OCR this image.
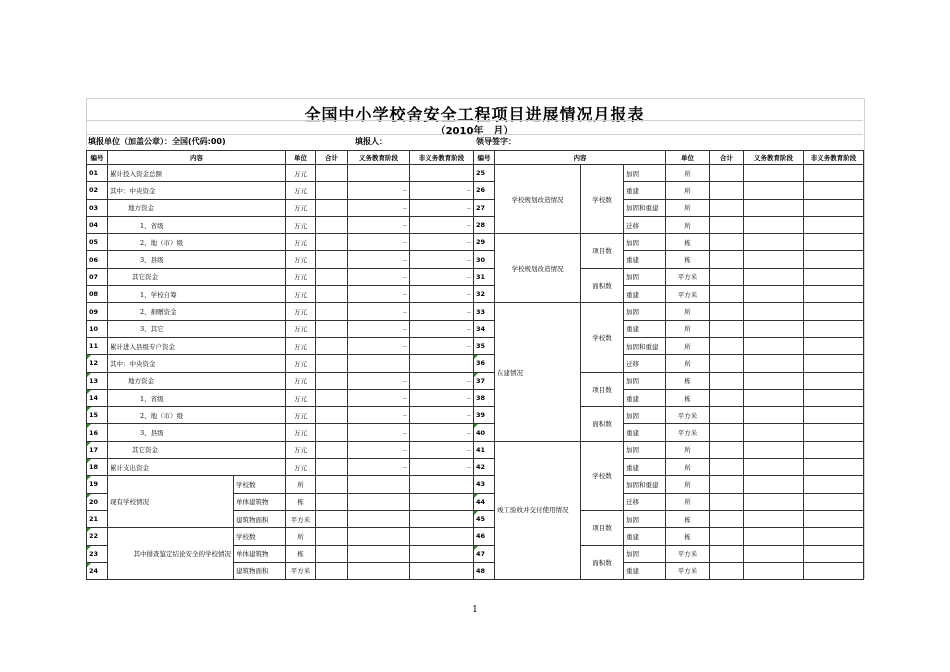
全国中小学校舍安全工程项目进展情况月报表
（2010年　月）
填报单位（加盖公章）：全国(代码:00)	填报人：	领导签字：
编号	内容		单位	合计	义务教育阶段	非义务教育阶段	编号	内容			单位	合计	义务教育阶段	非义务教育阶段
01	累计投入资金总额		万元				25	学校规划改造情况	学校数	加固	所			
02	其中：中央资金		万元		--	--	26			重建	所			
03	地方资金		万元		--	--	27			加固和重建	所			
04	1、省级		万元		--	--	28			迁移	所			
05	2、地（市）级		万元		--	--	29	学校规划改造情况	项目数	加固	栋			
06	3、县级		万元		--	--	30			重建	栋			
07	其它资金		万元		--	--	31		面积数	加固	平方米			
08	1、学校自筹		万元		--	--	32			重建	平方米			
09	2、捐赠资金		万元		--	--	33	在建情况	学校数	加固	所			
10	3、其它		万元		--	--	34			重建	所			
11	累计进入县级专户资金		万元		--	--	35			加固和重建	所			
12	其中：中央资金		万元				36			迁移	所			
13	地方资金		万元		--	--	37		项目数	加固	栋			
14	1、省级		万元		--	--	38			重建	栋			
15	2、地（市）级		万元		--	--	39		面积数	加固	平方米			
16	3、县级		万元		--	--	40			重建	平方米			
17	其它资金		万元		--	--	41	竣工验收并交付使用情况	学校数	加固	所			
18	累计支出资金		万元		--	--	42			重建	所			
19	现有学校情况	学校数	所				43			加固和重建	所			
20		单体建筑物	栋				44			迁移	所			
21		建筑物面积	平方米				45		项目数	加固	栋			
22	其中排查鉴定结论安全的学校情况	学校数	所				46			重建	栋			
23		单体建筑物	栋				47		面积数	加固	平方米			
24		建筑物面积	平方米				48			重建	平方米			
1
